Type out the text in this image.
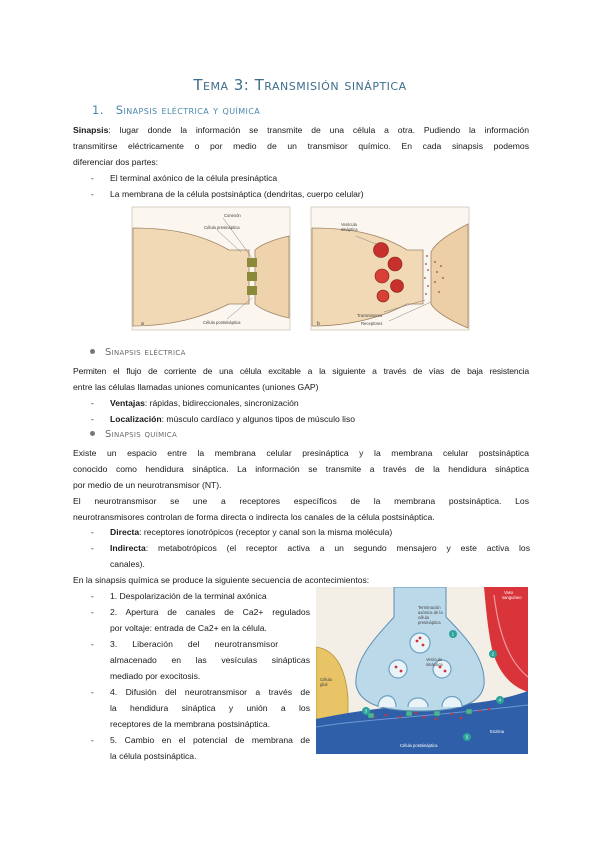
Tema 3: Transmisión sináptica
1. Sinapsis eléctrica y química
Sinapsis: lugar donde la información se transmite de una célula a otra. Pudiendo la información
transmitirse eléctricamente o por medio de un transmisor químico. En cada sinapsis podemos
diferenciar dos partes:
- El terminal axónico de la célula presináptica
- La membrana de la célula postsináptica (dendritas, cuerpo celular)
Conexón
Célula presináptica
Célula postsináptica
a
Vesícula
sináptica
Transmisores
Receptores
b
Sinapsis eléctrica
Permiten el flujo de corriente de una célula excitable a la siguiente a través de vías de baja resistencia
entre las células llamadas uniones comunicantes (uniones GAP)
- Ventajas: rápidas, bidireccionales, sincronización
- Localización: músculo cardíaco y algunos tipos de músculo liso
Sinapsis química
Existe un espacio entre la membrana celular presináptica y la membrana celular postsináptica
conocido como hendidura sináptica. La información se transmite a través de la hendidura sináptica
por medio de un neurotransmisor (NT).
El neurotransmisor se une a receptores específicos de la membrana postsináptica. Los
neurotransmisores controlan de forma directa o indirecta los canales de la célula postsináptica.
- Directa: receptores ionotrópicos (receptor y canal son la misma molécula)
- Indirecta: metabotrópicos (el receptor activa a un segundo mensajero y este activa los
canales).
En la sinapsis química se produce la siguiente secuencia de acontecimientos:
- 1. Despolarización de la terminal axónica
- 2. Apertura de canales de Ca2+ regulados
por voltaje: entrada de Ca2+ en la célula.
- 3.      Liberación      del      neurotransmisor
almacenado en las vesículas sinápticas
mediado por exocitosis.
- 4. Difusión del neurotransmisor a través de
la hendidura sináptica y unión a los
receptores de la membrana postsináptica.
- 5. Cambio en el potencial de membrana de
la célula postsináptica.
1
2
3
4
5
Terminación
axónica de la
célula
presináptica
Vesícula
sináptica
Vaso
sanguíneo
Célula
glial
Enzima
Célula postsináptica
